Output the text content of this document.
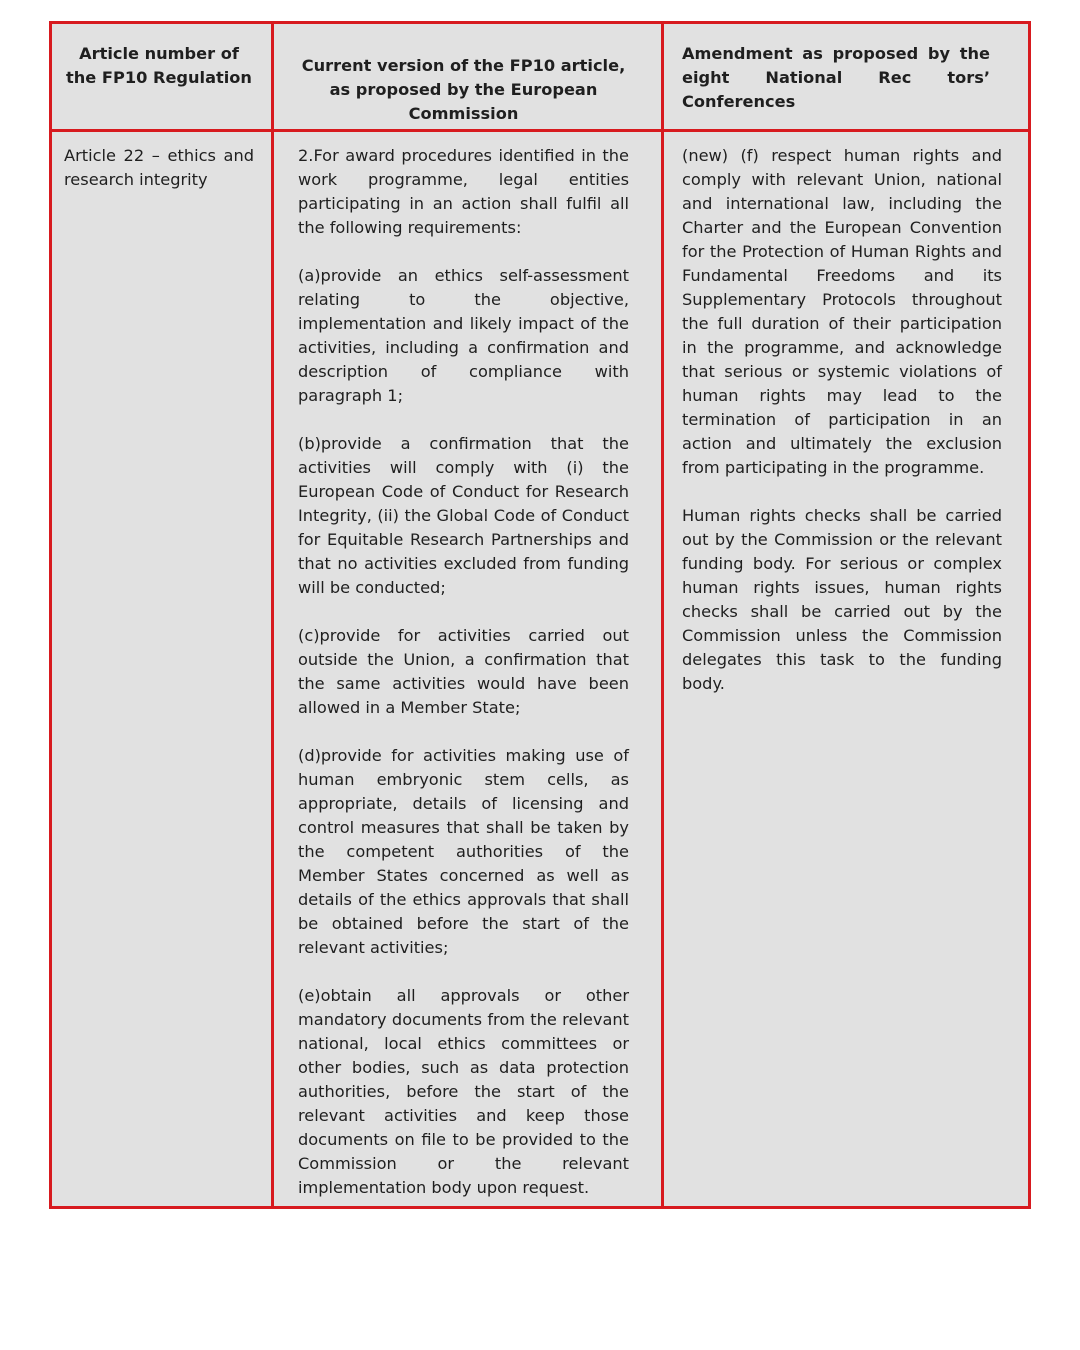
Article number of the FP10 Regulation
Current version of the FP10 article, as proposed by the European Commission
Amendment as proposed by the eight National Rec tors’ Conferences
Article 22 – ethics and research integrity

2.For award procedures identified in the work programme, legal entities participating in an action shall fulfil all the following requirements:

(a)provide an ethics self-assessment relating to the objective, implementation and likely impact of the activities, including a confirmation and description of compliance with paragraph 1;

(b)provide a confirmation that the activities will comply with (i) the European Code of Conduct for Research Integrity, (ii) the Global Code of Conduct for Equitable Research Partnerships and that no activities excluded from funding will be conducted;

(c)provide for activities carried out outside the Union, a confirmation that the same activities would have been allowed in a Member State;

(d)provide for activities making use of human embryonic stem cells, as appropriate, details of licensing and control measures that shall be taken by the competent authorities of the Member States concerned as well as details of the ethics approvals that shall be obtained before the start of the relevant activities;

(e)obtain all approvals or other mandatory documents from the relevant national, local ethics committees or other bodies, such as data protection authorities, before the start of the relevant activities and keep those documents on file to be provided to the Commission or the relevant implementation body upon request.

(new) (f) respect human rights and comply with relevant Union, national and international law, including the Charter and the European Convention for the Protection of Human Rights and Fundamental Freedoms and its Supplementary Protocols throughout the full duration of their participation in the programme, and acknowledge that serious or systemic violations of human rights may lead to the termination of participation in an action and ultimately the exclusion from participating in the programme.

Human rights checks shall be carried out by the Commission or the relevant funding body. For serious or complex human rights issues, human rights checks shall be carried out by the Commission unless the Commission delegates this task to the funding body.
